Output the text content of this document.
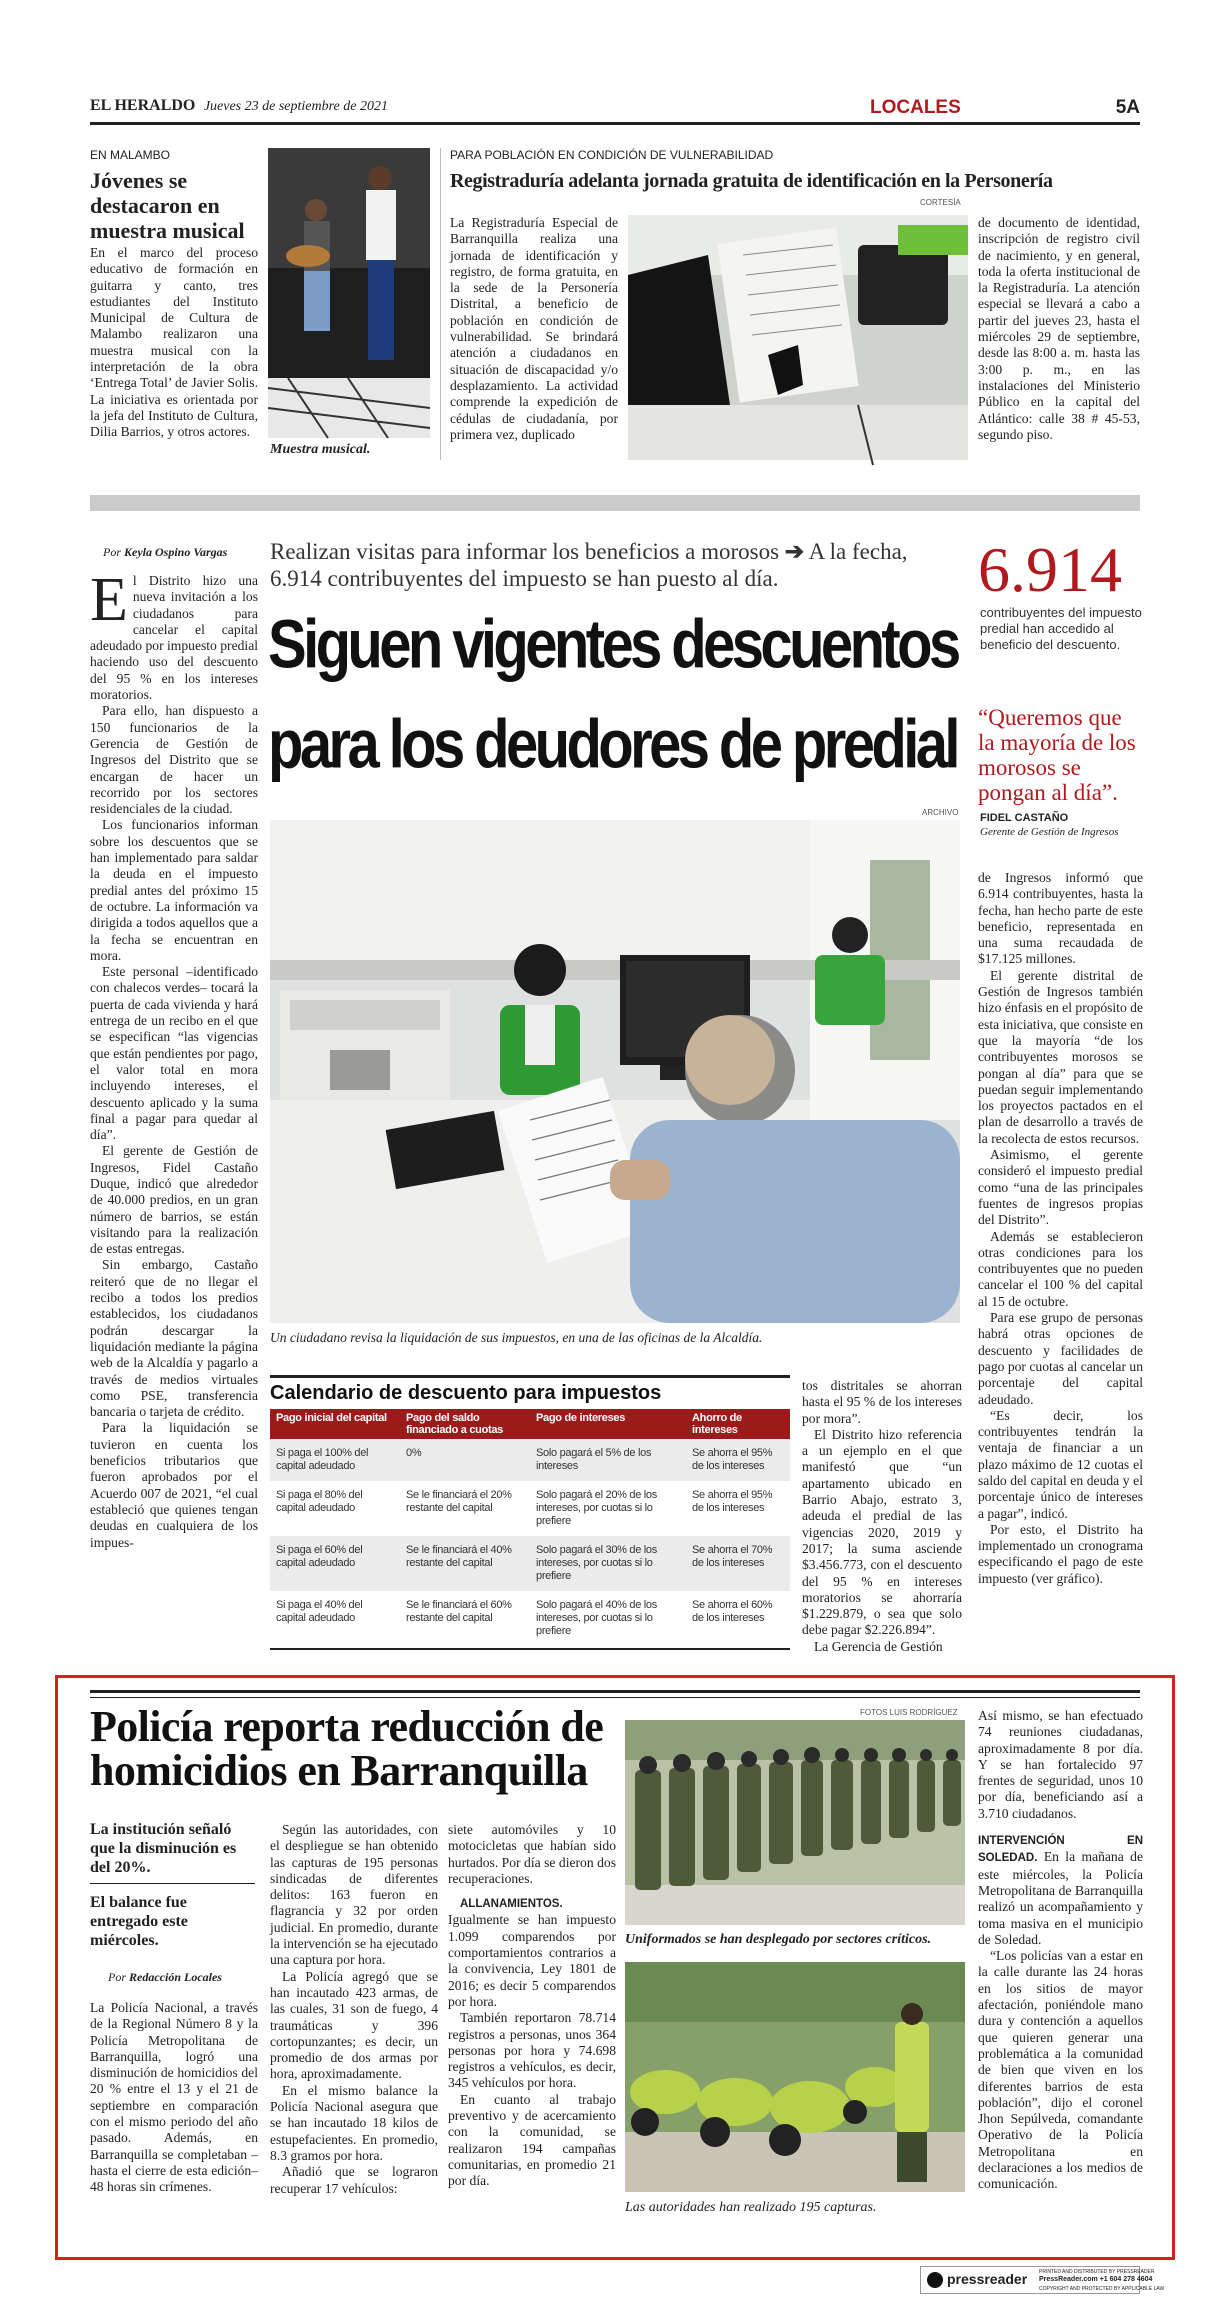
EL HERALDO Jueves 23 de septiembre de 2021	LOCALES	5A
EN MALAMBO
Jóvenes se destacaron en muestra musical

En el marco del proceso educativo de formación en guitarra y canto, tres estudiantes del Instituto Municipal de Cultura de Malambo realizaron una muestra musical con la interpretación de la obra ‘Entrega Total’ de Javier Solis. La iniciativa es orientada por la jefa del Instituto de Cultura, Dilia Barrios, y otros actores.

Muestra musical.
PARA POBLACIÓN EN CONDICIÓN DE VULNERABILIDAD
Registraduría adelanta jornada gratuita de identificación en la Personería
CORTESÍA

La Registraduría Especial de Barranquilla realiza una jornada de identificación y registro, de forma gratuita, en la sede de la Personería Distrital, a beneficio de población en condición de vulnerabilidad. Se brindará atención a ciudadanos en situación de discapacidad y/o desplazamiento. La actividad comprende la expedición de cédulas de ciudadanía, por primera vez, duplicado

de documento de identidad, inscripción de registro civil de nacimiento, y en general, toda la oferta institucional de la Registraduría. La atención especial se llevará a cabo a partir del jueves 23, hasta el miércoles 29 de septiembre, desde las 8:00 a. m. hasta las 3:00 p. m., en las instalaciones del Ministerio Público en la capital del Atlántico: calle 38 # 45-53, segundo piso.

Por Keyla Ospino Vargas
E l Distrito hizo una nueva invitación a los ciudadanos para cancelar el capital adeudado por impuesto predial haciendo uso del descuento del 95 % en los intereses moratorios.

Para ello, han dispuesto a 150 funcionarios de la Gerencia de Gestión de Ingresos del Distrito que se encargan de hacer un recorrido por los sectores residenciales de la ciudad.

Los funcionarios informan sobre los descuentos que se han implementado para saldar la deuda en el impuesto predial antes del próximo 15 de octubre. La información va dirigida a todos aquellos que a la fecha se encuentran en mora.

Este personal –identificado con chalecos verdes– tocará la puerta de cada vivienda y hará entrega de un recibo en el que se especifican “las vigencias que están pendientes por pago, el valor total en mora incluyendo intereses, el descuento aplicado y la suma final a pagar para quedar al día”.

El gerente de Gestión de Ingresos, Fidel Castaño Duque, indicó que alrededor de 40.000 predios, en un gran número de barrios, se están visitando para la realización de estas entregas.

Sin embargo, Castaño reiteró que de no llegar el recibo a todos los predios establecidos, los ciudadanos podrán descargar la liquidación mediante la página web de la Alcaldía y pagarlo a través de medios virtuales como PSE, transferencia bancaria o tarjeta de crédito.

Para la liquidación se tuvieron en cuenta los beneficios tributarios que fueron aprobados por el Acuerdo 007 de 2021, “el cual estableció que quienes tengan deudas en cualquiera de los impues-

Realizan visitas para informar los beneficios a morosos ➔ A la fecha, 6.914 contribuyentes del impuesto se han puesto al día.
Siguen vigentes descuentos
para los deudores de predial
ARCHIVO
Un ciudadano revisa la liquidación de sus impuestos, en una de las oficinas de la Alcaldía.
Calendario de descuento para impuestos
Pago inicial del capital	Pago del saldo financiado a cuotas	Pago de intereses	Ahorro de intereses
Si paga el 100% del capital adeudado	0%	Solo pagará el 5% de los intereses	Se ahorra el 95% de los intereses
Si paga el 80% del capital adeudado	Se le financiará el 20% restante del capital	Solo pagará el 20% de los intereses, por cuotas si lo prefiere	Se ahorra el 95% de los intereses
Si paga el 60% del capital adeudado	Se le financiará el 40% restante del capital	Solo pagará el 30% de los intereses, por cuotas si lo prefiere	Se ahorra el 70% de los intereses
Si paga el 40% del capital adeudado	Se le financiará el 60% restante del capital	Solo pagará el 40% de los intereses, por cuotas si lo prefiere	Se ahorra el 60% de los intereses

tos distritales se ahorran hasta el 95 % de los intereses por mora”.

El Distrito hizo referencia a un ejemplo en el que manifestó que “un apartamento ubicado en Barrio Abajo, estrato 3, adeuda el predial de las vigencias 2020, 2019 y 2017; la suma asciende $3.456.773, con el descuento del 95 % en intereses moratorios se ahorraría $1.229.879, o sea que solo debe pagar $2.226.894”.

La Gerencia de Gestión

6.914
contribuyentes del impuesto predial han accedido al beneficio del descuento.
“Queremos que la mayoría de los morosos se pongan al día”.
FIDEL CASTAÑO
Gerente de Gestión de Ingresos

de Ingresos informó que 6.914 contribuyentes, hasta la fecha, han hecho parte de este beneficio, representada en una suma recaudada de $17.125 millones.

El gerente distrital de Gestión de Ingresos también hizo énfasis en el propósito de esta iniciativa, que consiste en que la mayoría “de los contribuyentes morosos se pongan al día” para que se puedan seguir implementando los proyectos pactados en el plan de desarrollo a través de la recolecta de estos recursos.

Asimismo, el gerente consideró el impuesto predial como “una de las principales fuentes de ingresos propias del Distrito”.

Además se establecieron otras condiciones para los contribuyentes que no pueden cancelar el 100 % del capital al 15 de octubre.

Para ese grupo de personas habrá otras opciones de descuento y facilidades de pago por cuotas al cancelar un porcentaje del capital adeudado.

“Es decir, los contribuyentes tendrán la ventaja de financiar a un plazo máximo de 12 cuotas el saldo del capital en deuda y el porcentaje único de intereses a pagar”, indicó.

Por esto, el Distrito ha implementado un cronograma especificando el pago de este impuesto (ver gráfico).

Policía reporta reducción de homicidios en Barranquilla
La institución señaló que la disminución es del 20%.
El balance fue entregado este miércoles.
Por Redacción Locales

La Policía Nacional, a través de la Regional Número 8 y la Policía Metropolitana de Barranquilla, logró una disminución de homicidios del 20 % entre el 13 y el 21 de septiembre en comparación con el mismo periodo del año pasado. Además, en Barranquilla se completaban –hasta el cierre de esta edición– 48 horas sin crímenes.

Según las autoridades, con el despliegue se han obtenido las capturas de 195 personas sindicadas de diferentes delitos: 163 fueron en flagrancia y 32 por orden judicial. En promedio, durante la intervención se ha ejecutado una captura por hora.

La Policía agregó que se han incautado 423 armas, de las cuales, 31 son de fuego, 4 traumáticas y 396 cortopunzantes; es decir, un promedio de dos armas por hora, aproximadamente.

En el mismo balance la Policía Nacional asegura que se han incautado 18 kilos de estupefacientes. En promedio, 8.3 gramos por hora.

Añadió que se lograron recuperar 17 vehículos:

siete automóviles y 10 motocicletas que habían sido hurtados. Por día se dieron dos recuperaciones.

ALLANAMIENTOS. Igualmente se han impuesto 1.099 comparendos por comportamientos contrarios a la convivencia, Ley 1801 de 2016; es decir 5 comparendos por hora.

También reportaron 78.714 registros a personas, unos 364 personas por hora y 74.698 registros a vehículos, es decir, 345 vehículos por hora.

En cuanto al trabajo preventivo y de acercamiento con la comunidad, se realizaron 194 campañas comunitarias, en promedio 21 por día.

FOTOS LUIS RODRÍGUEZ
Uniformados se han desplegado por sectores críticos.
Las autoridades han realizado 195 capturas.

Así mismo, se han efectuado 74 reuniones ciudadanas, aproximadamente 8 por día. Y se han fortalecido 97 frentes de seguridad, unos 10 por día, beneficiando así a 3.710 ciudadanos.

INTERVENCIÓN EN SOLEDAD. En la mañana de este miércoles, la Policía Metropolitana de Barranquilla realizó un acompañamiento y toma masiva en el municipio de Soledad.

“Los policías van a estar en la calle durante las 24 horas en los sitios de mayor afectación, poniéndole mano dura y contención a aquellos que quieren generar una problemática a la comunidad de bien que viven en los diferentes barrios de esta población”, dijo el coronel Jhon Sepúlveda, comandante Operativo de la Policía Metropolitana en declaraciones a los medios de comunicación.

pressreader PRINTED AND DISTRIBUTED BY PRESSREADER
PressReader.com +1 604 278 4604
COPYRIGHT AND PROTECTED BY APPLICABLE LAW
